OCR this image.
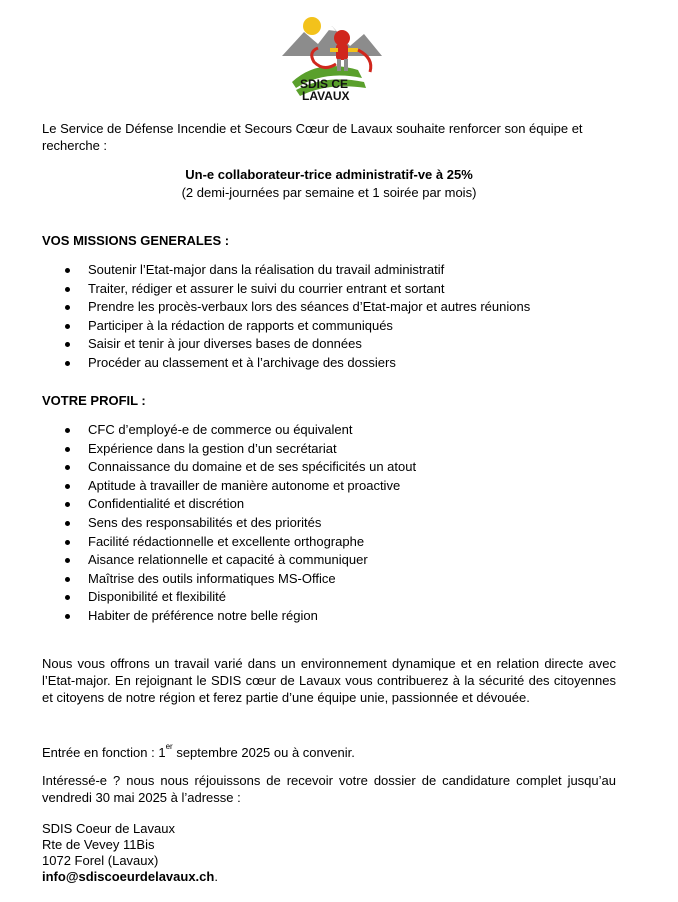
SDIS CE
LAVAUX
Le Service de Défense Incendie et Secours Cœur de Lavaux souhaite renforcer son équipe et recherche :
Un-e collaborateur-trice administratif-ve à 25%
(2 demi-journées par semaine et 1 soirée par mois)
VOS MISSIONS GENERALES :
Soutenir l’Etat-major dans la réalisation du travail administratif
Traiter, rédiger et assurer le suivi du courrier entrant et sortant
Prendre les procès-verbaux lors des séances d’Etat-major et autres réunions
Participer à la rédaction de rapports et communiqués
Saisir et tenir à jour diverses bases de données
Procéder au classement et à l’archivage des dossiers
VOTRE PROFIL :
CFC d’employé-e de commerce ou équivalent
Expérience dans la gestion d’un secrétariat
Connaissance du domaine et de ses spécificités un atout
Aptitude à travailler de manière autonome et proactive
Confidentialité et discrétion
Sens des responsabilités et des priorités
Facilité rédactionnelle et excellente orthographe
Aisance relationnelle et capacité à communiquer
Maîtrise des outils informatiques MS-Office
Disponibilité et flexibilité
Habiter de préférence notre belle région
Nous vous offrons un travail varié dans un environnement dynamique et en relation directe avec l’Etat-major. En rejoignant le SDIS cœur de Lavaux vous contribuerez à la sécurité des citoyennes et citoyens de notre région et ferez partie d’une équipe unie, passionnée et dévouée.
Entrée en fonction : 1er septembre 2025 ou à convenir.
Intéressé-e ? nous nous réjouissons de recevoir votre dossier de candidature complet jusqu’au vendredi 30 mai 2025 à l’adresse :
SDIS Coeur de Lavaux
Rte de Vevey 11Bis
1072 Forel (Lavaux)
info@sdiscoeurdelavaux.ch.
